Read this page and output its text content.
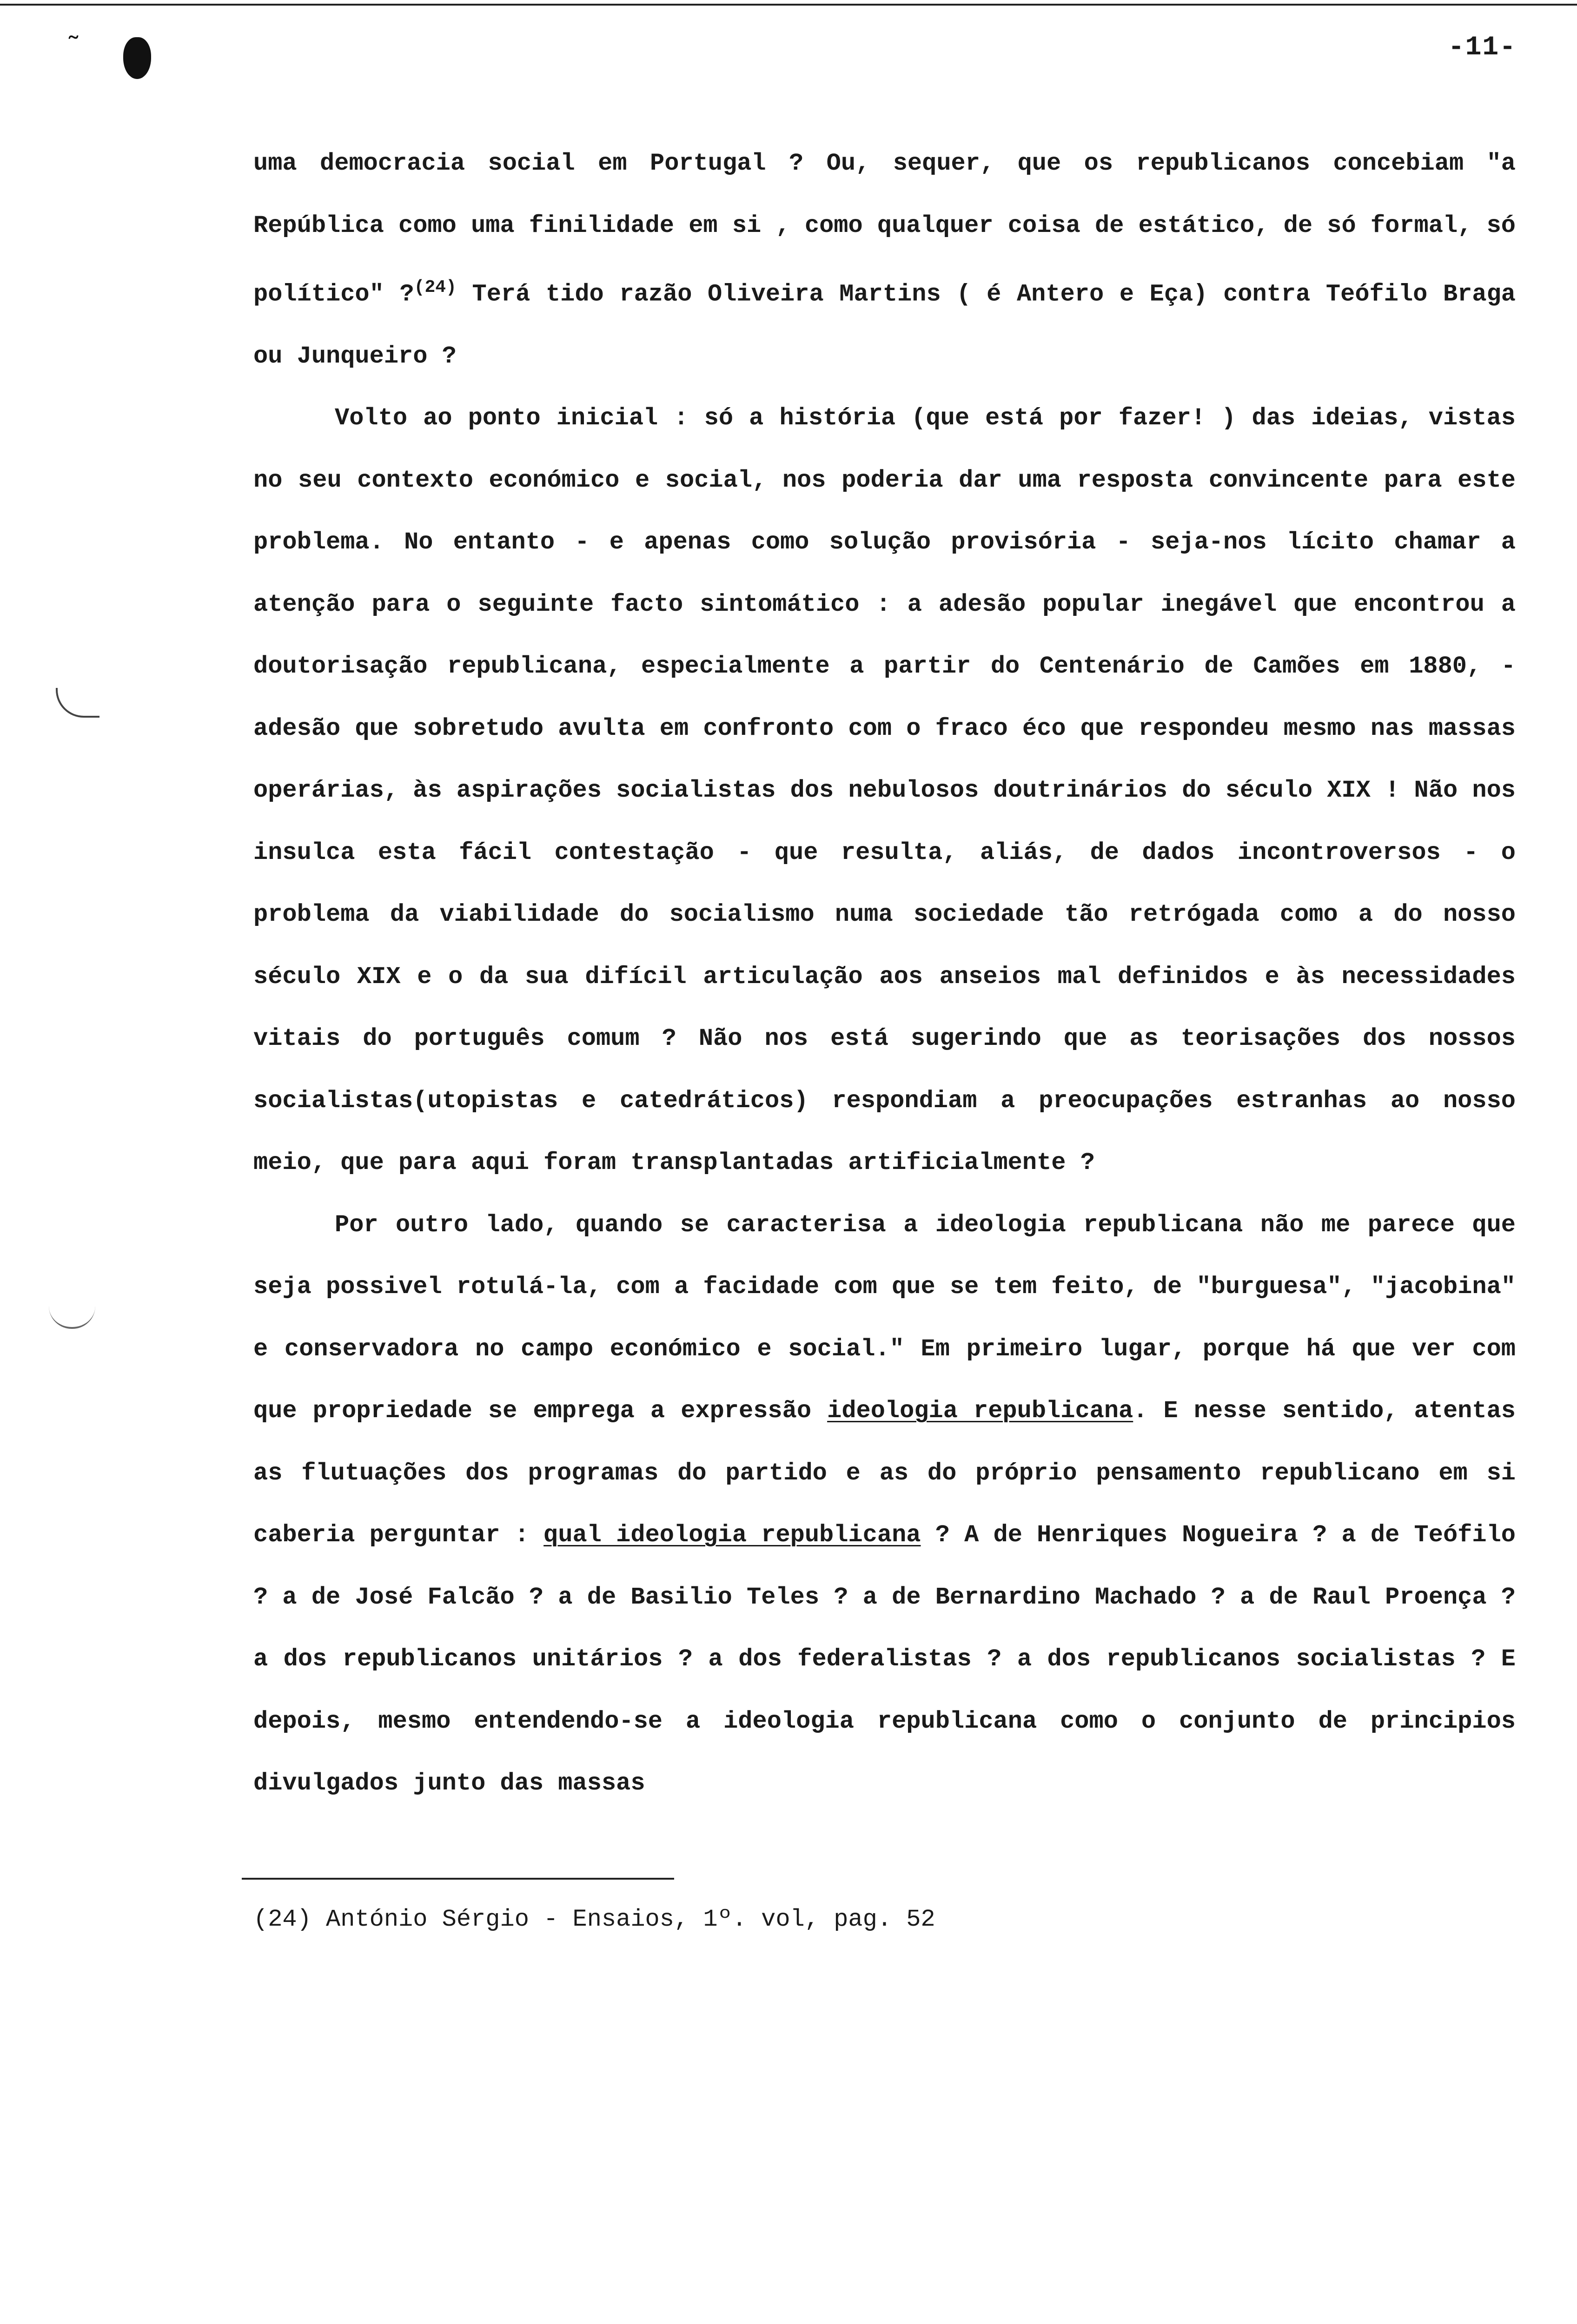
˜	-11-

uma democracia social em Portugal ? Ou, sequer, que os republicanos concebiam "a República como uma finilidade em si , como qualquer coisa de estático, de só formal, só político" ?$^{(24)}$ Terá tido razão Oliveira Martins ( é Antero e Eça) contra Teófilo Braga ou Junqueiro ?

Volto ao ponto inicial : só a história (que está por fazer! ) das ideias, vistas no seu contexto económico e social, nos poderia dar uma resposta convincente para este problema. No entanto - e apenas como solução provisória - seja-nos lícito chamar a atenção para o seguinte facto sintomático : a adesão popular inegável que encontrou a doutorisação republicana, especialmente a partir do Centenário de Camões em 1880, - adesão que sobretudo avulta em confronto com o fraco éco que respondeu mesmo nas massas operárias, às aspirações socialistas dos nebulosos doutrinários do século XIX ! Não nos insulca esta fácil contestação - que resulta, aliás, de dados incontroversos - o problema da viabilidade do socialismo numa sociedade tão retrógada como a do nosso século XIX e o da sua difícil articulação aos anseios mal definidos e às necessidades vitais do português comum ? Não nos está sugerindo que as teorisações dos nossos socialistas(utopistas e catedráticos) respondiam a preocupações estranhas ao nosso meio, que para aqui foram transplantadas artificialmente ?

Por outro lado, quando se caracterisa a ideologia republicana não me parece que seja possivel rotulá-la, com a facidade com que se tem feito, de "burguesa", "jacobina" e conservadora no campo económico e social." Em primeiro lugar, porque há que ver com que propriedade se emprega a expressão ideologia republicana. E nesse sentido, atentas as flutuações dos programas do partido e as do próprio pensamento republicano em si caberia perguntar : qual ideologia republicana ? A de Henriques Nogueira ? a de Teófilo ? a de José Falcão ? a de Basilio Teles ? a de Bernardino Machado ? a de Raul Proença ? a dos republicanos unitários ? a dos federalistas ? a dos republicanos socialistas ? E depois, mesmo entendendo-se a ideologia republicana como o conjunto de principios divulgados junto das massas

(24) António Sérgio - Ensaios, 1º. vol, pag. 52
